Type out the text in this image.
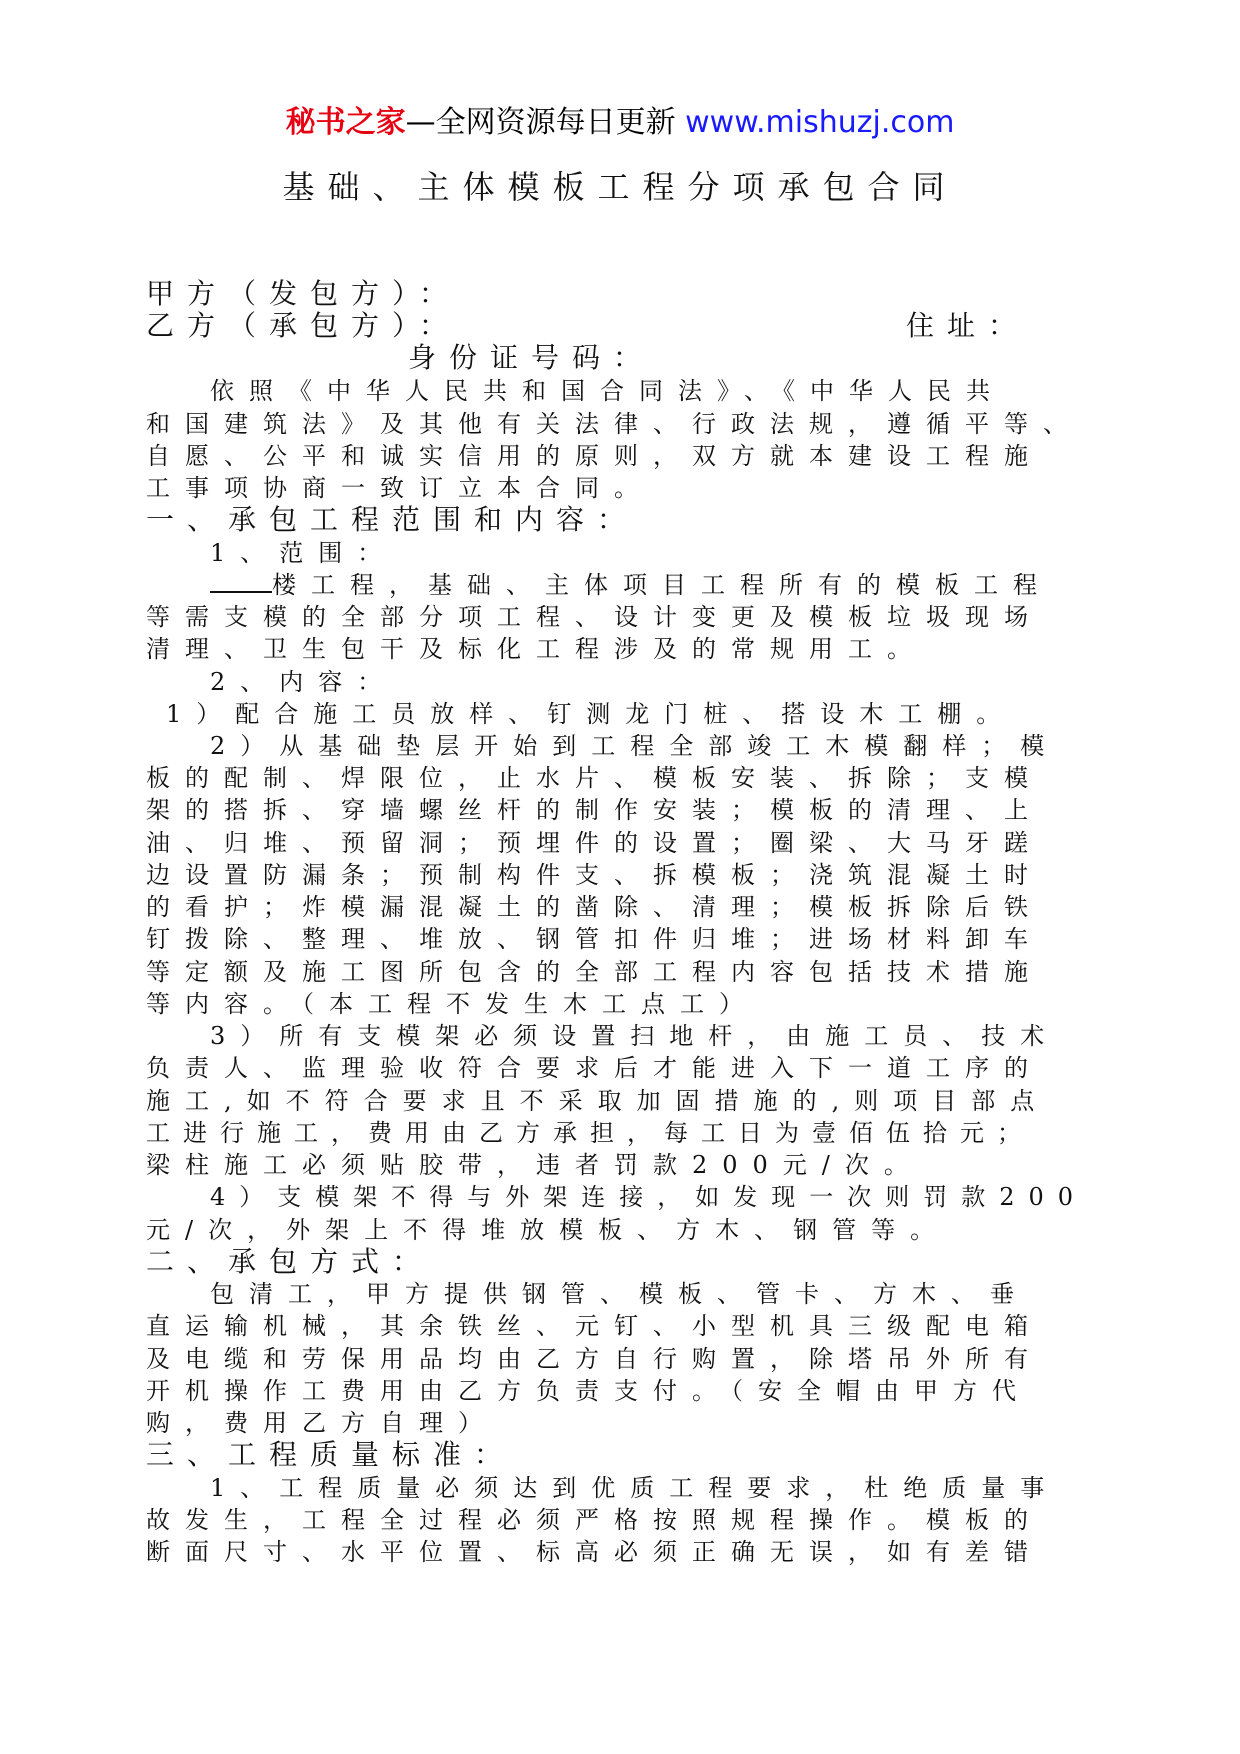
秘书之家—全网资源每日更新 www.mishuzj.com
基础、主体模板工程分项承包合同
甲方（发包方）：
乙方（承包方）：	住址：
身份证号码：
依照《中华人民共和国合同法》、《中华人民共
和国建筑法》及其他有关法律、行政法规，遵循平等、
自愿、公平和诚实信用的原则，双方就本建设工程施
工事项协商一致订立本合同。
一、承包工程范围和内容：
1、范围：
楼工程，基础、主体项目工程所有的模板工程
等需支模的全部分项工程、设计变更及模板垃圾现场
清理、卫生包干及标化工程涉及的常规用工。
2、内容：
1）配合施工员放样、钉测龙门桩、搭设木工棚。
2）从基础垫层开始到工程全部竣工木模翻样；模
板的配制、焊限位，止水片、模板安装、拆除；支模
架的搭拆、穿墙螺丝杆的制作安装；模板的清理、上
油、归堆、预留洞；预埋件的设置；圈梁、大马牙蹉
边设置防漏条；预制构件支、拆模板；浇筑混凝土时
的看护；炸模漏混凝土的凿除、清理；模板拆除后铁
钉拨除、整理、堆放、钢管扣件归堆；进场材料卸车
等定额及施工图所包含的全部工程内容包括技术措施
等内容。（本工程不发生木工点工）
3）所有支模架必须设置扫地杆，由施工员、技术
负责人、监理验收符合要求后才能进入下一道工序的
施工,如不符合要求且不采取加固措施的,则项目部点
工进行施工，费用由乙方承担，每工日为壹佰伍拾元；
梁柱施工必须贴胶带，违者罚款200元/次。
4）支模架不得与外架连接，如发现一次则罚款200
元/次，外架上不得堆放模板、方木、钢管等。
二、承包方式：
包清工，甲方提供钢管、模板、管卡、方木、垂
直运输机械，其余铁丝、元钉、小型机具三级配电箱
及电缆和劳保用品均由乙方自行购置，除塔吊外所有
开机操作工费用由乙方负责支付。（安全帽由甲方代
购，费用乙方自理）
三、工程质量标准：
1、工程质量必须达到优质工程要求，杜绝质量事
故发生，工程全过程必须严格按照规程操作。模板的
断面尺寸、水平位置、标高必须正确无误，如有差错
